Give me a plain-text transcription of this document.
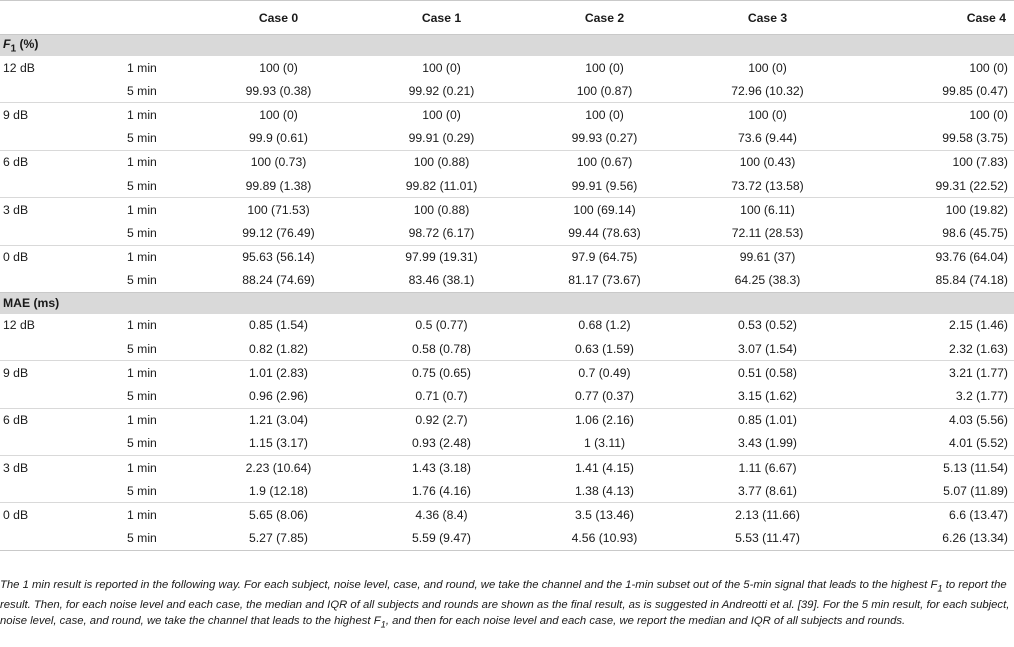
		Case 0	Case 1	Case 2	Case 3	Case 4
$F_1$ (%)						
12 dB	1 min	100 (0)	100 (0)	100 (0)	100 (0)	100 (0)
	5 min	99.93 (0.38)	99.92 (0.21)	100 (0.87)	72.96 (10.32)	99.85 (0.47)
9 dB	1 min	100 (0)	100 (0)	100 (0)	100 (0)	100 (0)
	5 min	99.9 (0.61)	99.91 (0.29)	99.93 (0.27)	73.6 (9.44)	99.58 (3.75)
6 dB	1 min	100 (0.73)	100 (0.88)	100 (0.67)	100 (0.43)	100 (7.83)
	5 min	99.89 (1.38)	99.82 (11.01)	99.91 (9.56)	73.72 (13.58)	99.31 (22.52)
3 dB	1 min	100 (71.53)	100 (0.88)	100 (69.14)	100 (6.11)	100 (19.82)
	5 min	99.12 (76.49)	98.72 (6.17)	99.44 (78.63)	72.11 (28.53)	98.6 (45.75)
0 dB	1 min	95.63 (56.14)	97.99 (19.31)	97.9 (64.75)	99.61 (37)	93.76 (64.04)
	5 min	88.24 (74.69)	83.46 (38.1)	81.17 (73.67)	64.25 (38.3)	85.84 (74.18)
MAE (ms)						
12 dB	1 min	0.85 (1.54)	0.5 (0.77)	0.68 (1.2)	0.53 (0.52)	2.15 (1.46)
	5 min	0.82 (1.82)	0.58 (0.78)	0.63 (1.59)	3.07 (1.54)	2.32 (1.63)
9 dB	1 min	1.01 (2.83)	0.75 (0.65)	0.7 (0.49)	0.51 (0.58)	3.21 (1.77)
	5 min	0.96 (2.96)	0.71 (0.7)	0.77 (0.37)	3.15 (1.62)	3.2 (1.77)
6 dB	1 min	1.21 (3.04)	0.92 (2.7)	1.06 (2.16)	0.85 (1.01)	4.03 (5.56)
	5 min	1.15 (3.17)	0.93 (2.48)	1 (3.11)	3.43 (1.99)	4.01 (5.52)
3 dB	1 min	2.23 (10.64)	1.43 (3.18)	1.41 (4.15)	1.11 (6.67)	5.13 (11.54)
	5 min	1.9 (12.18)	1.76 (4.16)	1.38 (4.13)	3.77 (8.61)	5.07 (11.89)
0 dB	1 min	5.65 (8.06)	4.36 (8.4)	3.5 (13.46)	2.13 (11.66)	6.6 (13.47)
	5 min	5.27 (7.85)	5.59 (9.47)	4.56 (10.93)	5.53 (11.47)	6.26 (13.34)
The 1 min result is reported in the following way. For each subject, noise level, case, and round, we take the channel and the 1-min subset out of the 5-min signal that leads to the highest $F_1$ to report the result. Then, for each noise level and each case, the median and IQR of all subjects and rounds are shown as the final result, as is suggested in Andreotti et al. [39]. For the 5 min result, for each subject, noise level, case, and round, we take the channel that leads to the highest $F_1$, and then for each noise level and each case, we report the median and IQR of all subjects and rounds.
